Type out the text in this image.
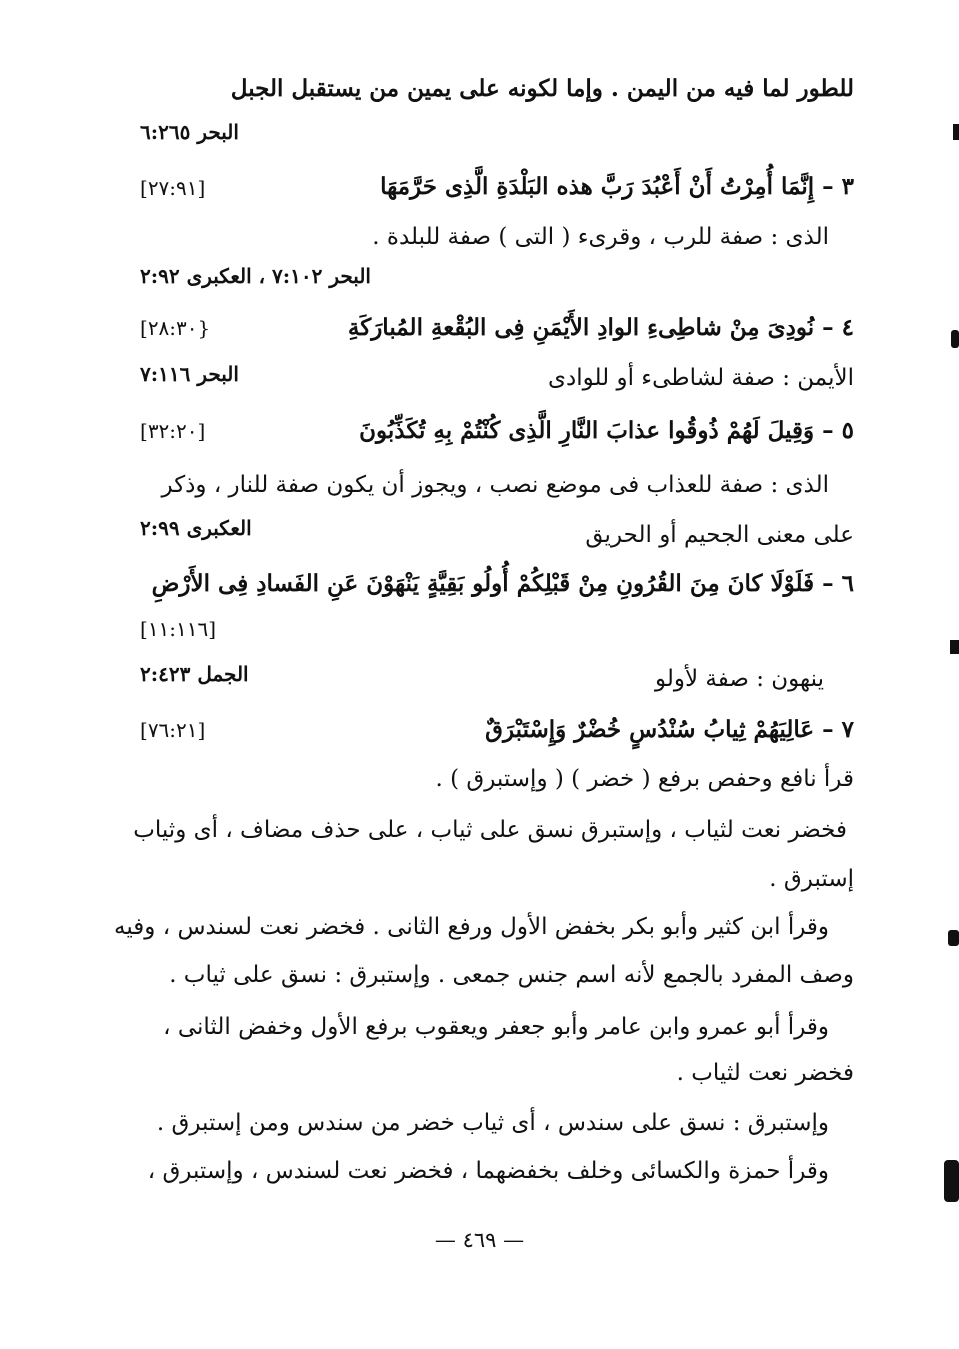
للطور لما فيه من اليمن . وإما لكونه على يمين من يستقبل الجبل
البحر ٦:٢٦٥
٣ – إِنَّمَا أُمِرْتُ أَنْ أَعْبُدَ رَبَّ هذه البَلْدَةِ الَّذِى حَرَّمَهَا
[٢٧:٩١]
الذى : صفة للرب ، وقرىء ( التى ) صفة للبلدة .
البحر ٧:١٠٢ ، العكبرى ٢:٩٢
٤ – نُودِىَ مِنْ شاطِىءِ الوادِ الأَيْمَنِ فِى البُقْعةِ المُبارَكَةِ
{٢٨:٣٠]
الأيمن : صفة لشاطىء أو للوادى
البحر ٧:١١٦
٥ – وَقِيلَ لَهُمْ ذُوقُوا عذابَ النَّارِ الَّذِى كُنْتُمْ بِهِ تُكَذِّبُونَ
[٣٢:٢٠]
الذى : صفة للعذاب فى موضع نصب ، ويجوز أن يكون صفة للنار ، وذكر
على معنى الجحيم أو الحريق
العكبرى ٢:٩٩
٦ – فَلَوْلَا كانَ مِنَ القُرُونِ مِنْ قَبْلِكُمْ أُولُو بَقِيَّةٍ يَنْهَوْنَ عَنِ الفَسادِ فِى الأَرْضِ
[١١:١١٦]
ينهون : صفة لأولو
الجمل ٢:٤٢٣
٧ – عَالِيَهُمْ ثِيابُ سُنْدُسٍ خُضْرٌ وَإِسْتَبْرَقٌ
[٧٦:٢١]
قرأ نافع وحفص برفع ( خضر ) ( وإستبرق ) .
فخضر نعت لثياب ، وإستبرق نسق على ثياب ، على حذف مضاف ، أى وثياب
إستبرق .
وقرأ ابن كثير وأبو بكر بخفض الأول ورفع الثانى . فخضر نعت لسندس ، وفيه
وصف المفرد بالجمع لأنه اسم جنس جمعى . وإستبرق : نسق على ثياب .
وقرأ أبو عمرو وابن عامر وأبو جعفر ويعقوب برفع الأول وخفض الثانى ،
فخضر نعت لثياب .
وإستبرق : نسق على سندس ، أى ثياب خضر من سندس ومن إستبرق .
وقرأ حمزة والكسائى وخلف بخفضهما ، فخضر نعت لسندس ، وإستبرق ،
— ٤٦٩ —
